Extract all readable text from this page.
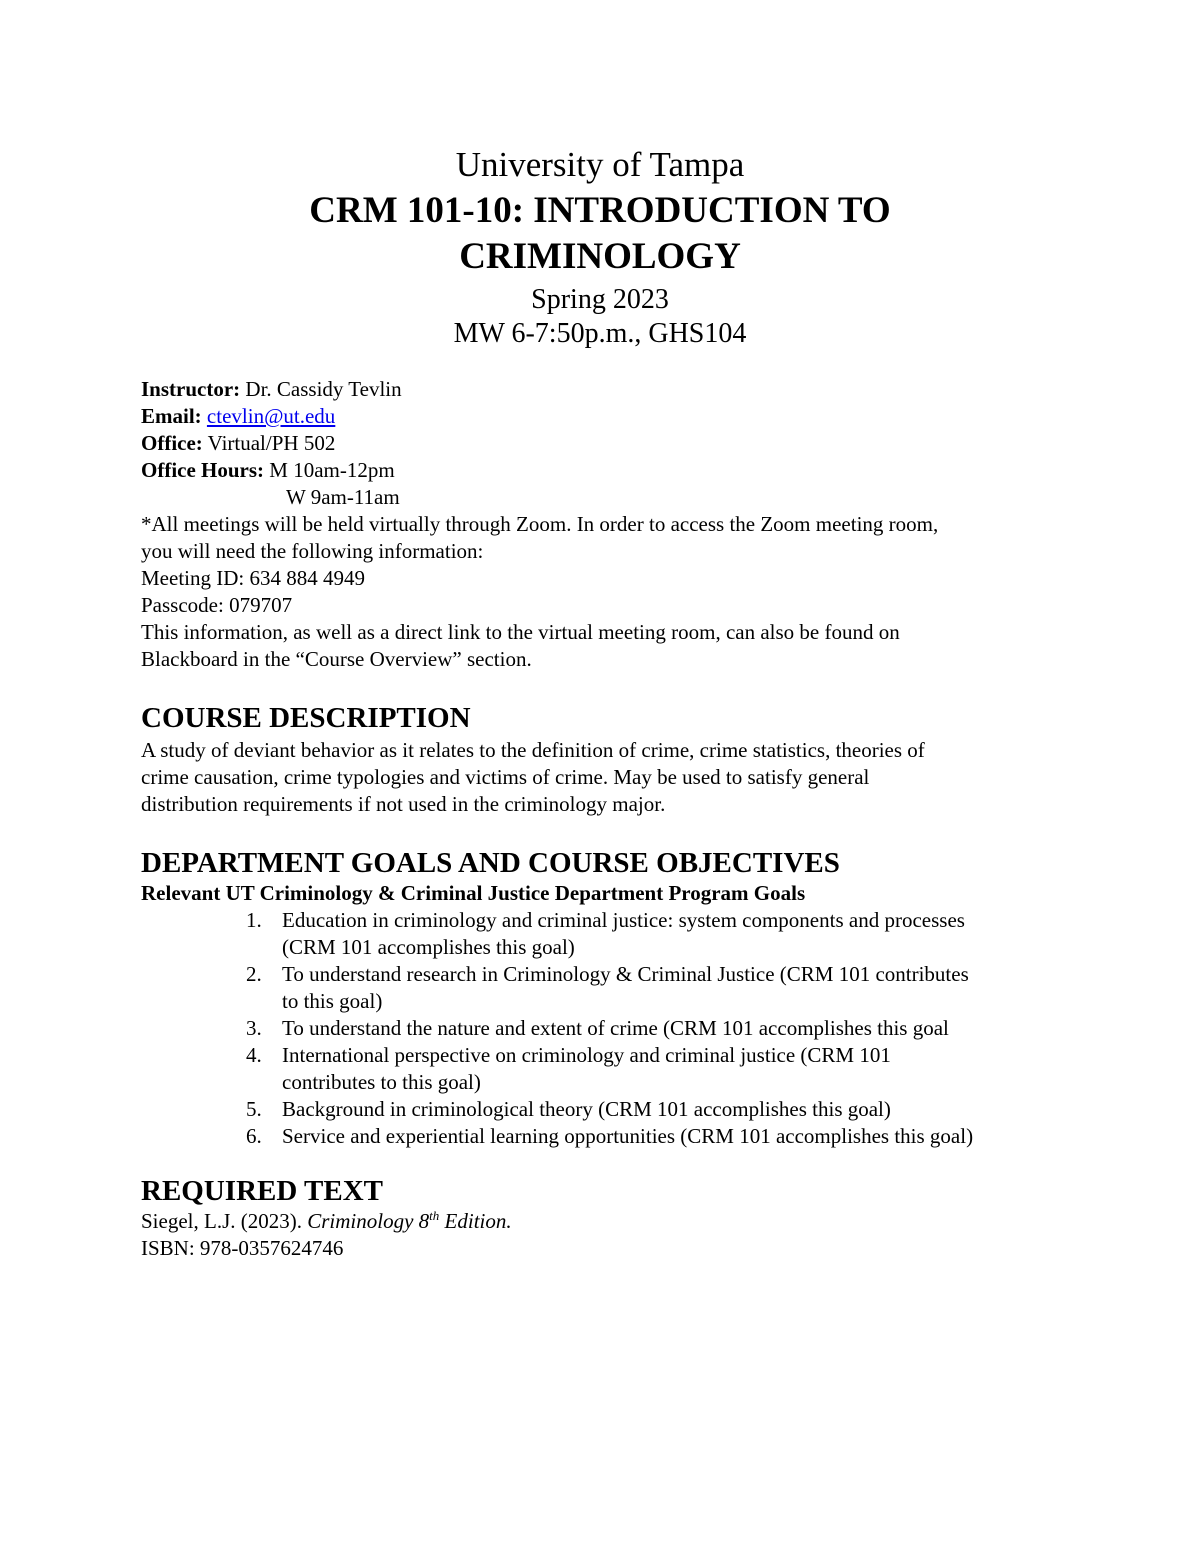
University of Tampa
CRM 101-10: INTRODUCTION TO CRIMINOLOGY
Spring 2023
MW 6-7:50p.m., GHS104
Instructor: Dr. Cassidy Tevlin
Email: ctevlin@ut.edu
Office: Virtual/PH 502
Office Hours: M 10am-12pm
W 9am-11am
*All meetings will be held virtually through Zoom. In order to access the Zoom meeting room,
you will need the following information:
Meeting ID: 634 884 4949
Passcode: 079707
This information, as well as a direct link to the virtual meeting room, can also be found on
Blackboard in the “Course Overview” section.
COURSE DESCRIPTION
A study of deviant behavior as it relates to the definition of crime, crime statistics, theories of
crime causation, crime typologies and victims of crime. May be used to satisfy general
distribution requirements if not used in the criminology major.
DEPARTMENT GOALS AND COURSE OBJECTIVES
Relevant UT Criminology & Criminal Justice Department Program Goals
1. Education in criminology and criminal justice: system components and processes
(CRM 101 accomplishes this goal)
2. To understand research in Criminology & Criminal Justice (CRM 101 contributes
to this goal)
3. To understand the nature and extent of crime (CRM 101 accomplishes this goal
4. International perspective on criminology and criminal justice (CRM 101
contributes to this goal)
5. Background in criminological theory (CRM 101 accomplishes this goal)
6. Service and experiential learning opportunities (CRM 101 accomplishes this goal)
REQUIRED TEXT
Siegel, L.J. (2023). Criminology 8th Edition.
ISBN: 978-0357624746
